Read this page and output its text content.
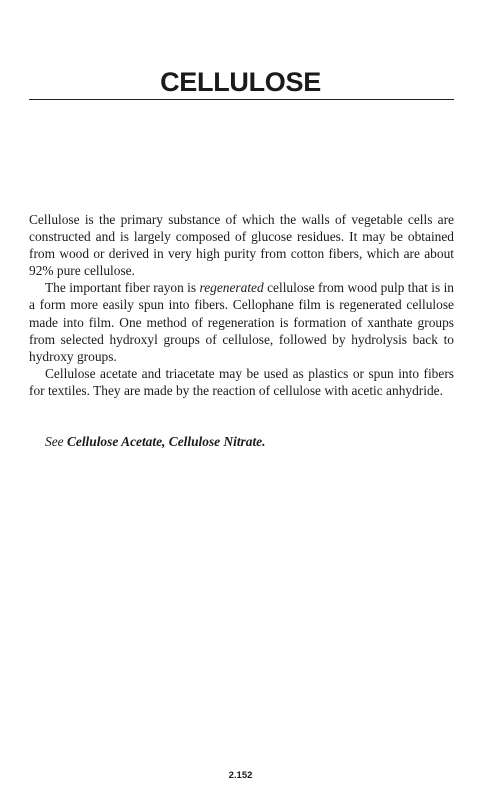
CELLULOSE

Cellulose is the primary substance of which the walls of vegetable cells are constructed and is largely composed of glucose residues. It may be obtained from wood or derived in very high purity from cotton fibers, which are about 92% pure cellulose.

The important fiber rayon is regenerated cellulose from wood pulp that is in a form more easily spun into fibers. Cellophane film is regenerated cellulose made into film. One method of regeneration is formation of xanthate groups from selected hydroxyl groups of cellulose, followed by hydrolysis back to hydroxy groups.

Cellulose acetate and triacetate may be used as plastics or spun into fibers for textiles. They are made by the reaction of cellulose with acetic anhydride.

See Cellulose Acetate, Cellulose Nitrate.
2.152
